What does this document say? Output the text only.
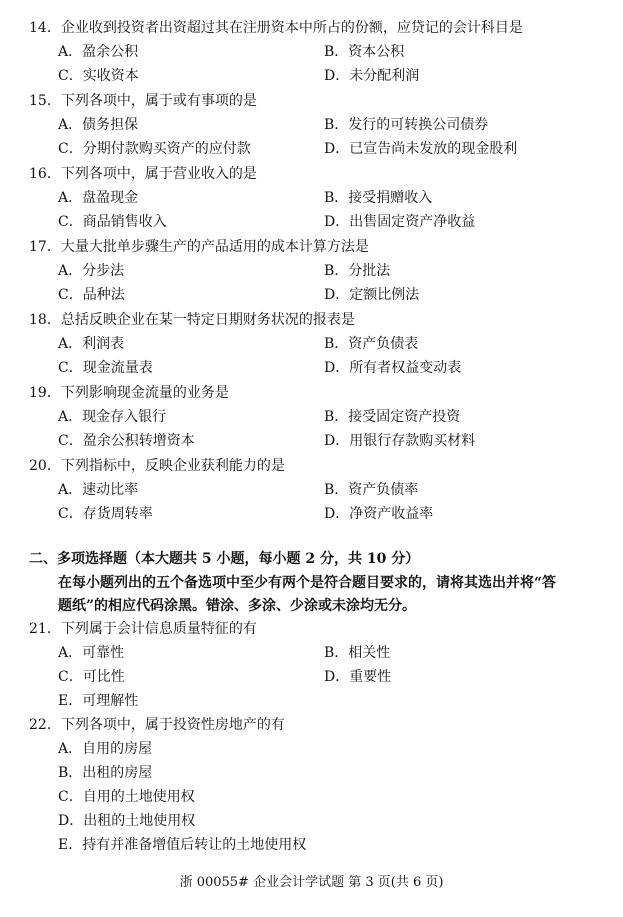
14．企业收到投资者出资超过其在注册资本中所占的份额，应贷记的会计科目是
A．盈余公积	B．资本公积
C．实收资本	D．未分配利润
15．下列各项中，属于或有事项的是
A．债务担保	B．发行的可转换公司债券
C．分期付款购买资产的应付款	D．已宣告尚未发放的现金股利
16．下列各项中，属于营业收入的是
A．盘盈现金	B．接受捐赠收入
C．商品销售收入	D．出售固定资产净收益
17．大量大批单步骤生产的产品适用的成本计算方法是
A．分步法	B．分批法
C．品种法	D．定额比例法
18．总括反映企业在某一特定日期财务状况的报表是
A．利润表	B．资产负债表
C．现金流量表	D．所有者权益变动表
19．下列影响现金流量的业务是
A．现金存入银行	B．接受固定资产投资
C．盈余公积转增资本	D．用银行存款购买材料
20．下列指标中，反映企业获利能力的是
A．速动比率	B．资产负债率
C．存货周转率	D．净资产收益率
二、多项选择题（本大题共 5 小题，每小题 2 分，共 10 分）
在每小题列出的五个备选项中至少有两个是符合题目要求的，请将其选出并将“答
题纸”的相应代码涂黑。错涂、多涂、少涂或未涂均无分。
21．下列属于会计信息质量特征的有
A．可靠性	B．相关性
C．可比性	D．重要性
E．可理解性
22．下列各项中，属于投资性房地产的有
A．自用的房屋
B．出租的房屋
C．自用的土地使用权
D．出租的土地使用权
E．持有并准备增值后转让的土地使用权
浙 00055# 企业会计学试题 第 3 页(共 6 页)
